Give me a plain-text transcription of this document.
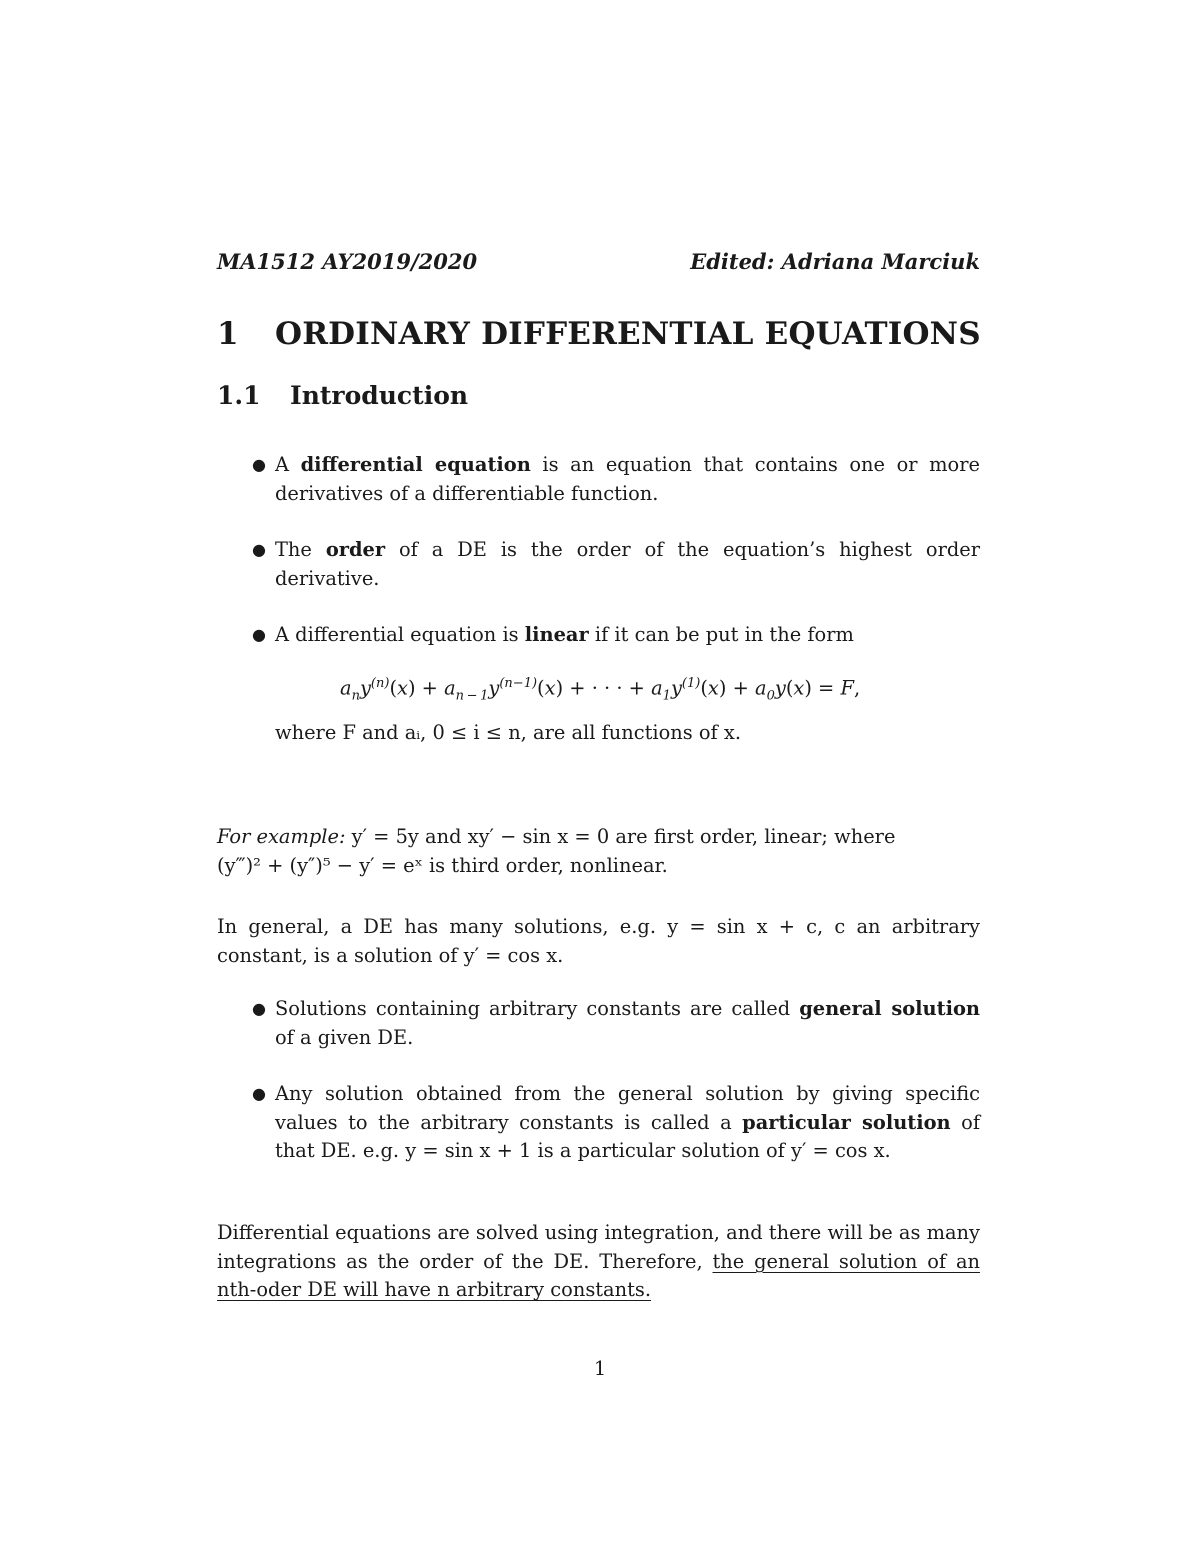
MA1512 AY2019/2020	Edited: Adriana Marciuk
1 ORDINARY DIFFERENTIAL EQUATIONS
1.1 Introduction
● A differential equation is an equation that contains one or more derivatives of a differentiable function.
● The order of a DE is the order of the equation’s highest order derivative.
● A differential equation is linear if it can be put in the form
$a_ny^{(n)}(x) + a_{n - 1}y^{(n-1)}(x)$ + · · · + $a_1y^{(1)}(x) + a_0y(x) = F$,
where F and aᵢ, 0 ≤ i ≤ n, are all functions of x.
For example: y′ = 5y and xy′ − sin x = 0 are first order, linear; where
(y‴)² + (y″)⁵ − y′ = eˣ is third order, nonlinear.
In general, a DE has many solutions, e.g. y = sin x + c, c an arbitrary constant, is a solution of y′ = cos x.
● Solutions containing arbitrary constants are called general solution of a given DE.
● Any solution obtained from the general solution by giving specific values to the arbitrary constants is called a particular solution of that DE. e.g. y = sin x + 1 is a particular solution of y′ = cos x.
Differential equations are solved using integration, and there will be as many integrations as the order of the DE. Therefore, the general solution of an nth-oder DE will have n arbitrary constants.
1
